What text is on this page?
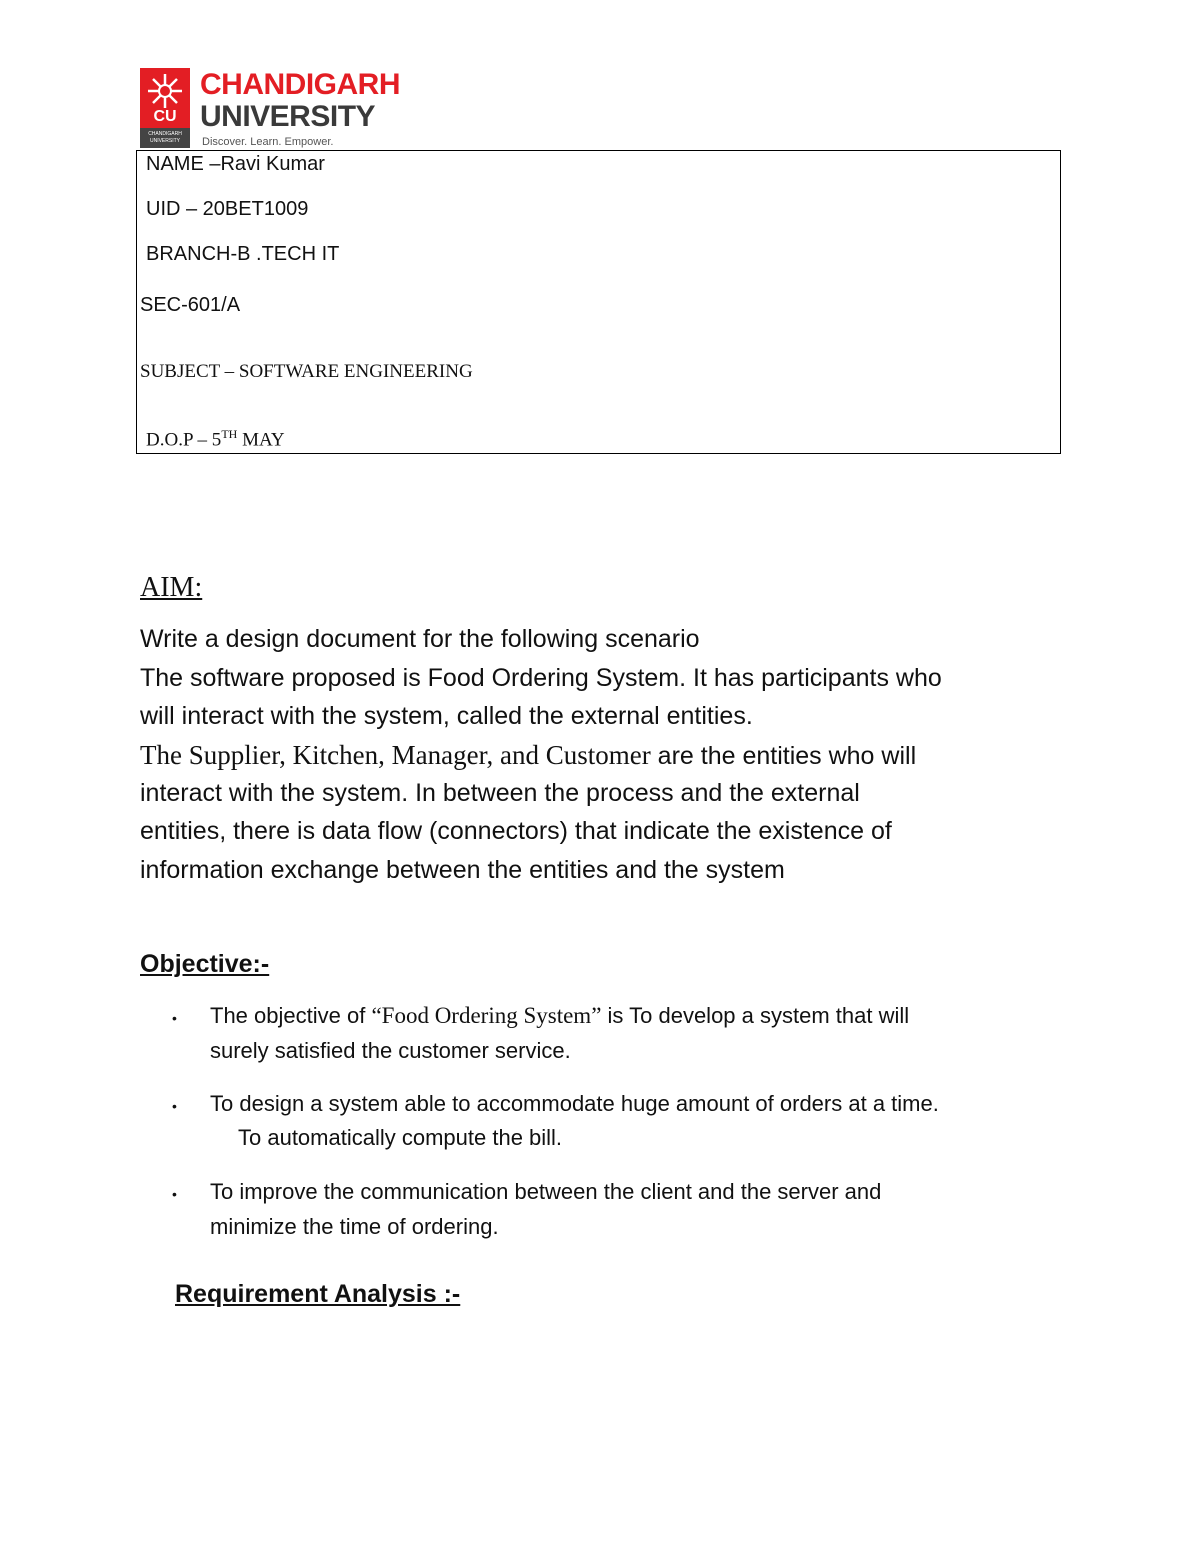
CU
CHANDIGARH UNIVERSITY
CHANDIGARH
UNIVERSITY
Discover. Learn. Empower.
NAME –Ravi Kumar
UID – 20BET1009
BRANCH-B .TECH IT
SEC-601/A
SUBJECT – SOFTWARE ENGINEERING
D.O.P – 5TH MAY
AIM:
Write a design document for the following scenario
The software proposed is Food Ordering System. It has participants who
will interact with the system, called the external entities.
The Supplier, Kitchen, Manager, and Customer are the entities who will
interact with the system. In between the process and the external
entities, there is data flow (connectors) that indicate the existence of
information exchange between the entities and the system
Objective:-
• The objective of “Food Ordering System” is To develop a system that will
surely satisfied the customer service.
• To design a system able to accommodate huge amount of orders at a time.
To automatically compute the bill.
• To improve the communication between the client and the server and
minimize the time of ordering.
Requirement Analysis :-
